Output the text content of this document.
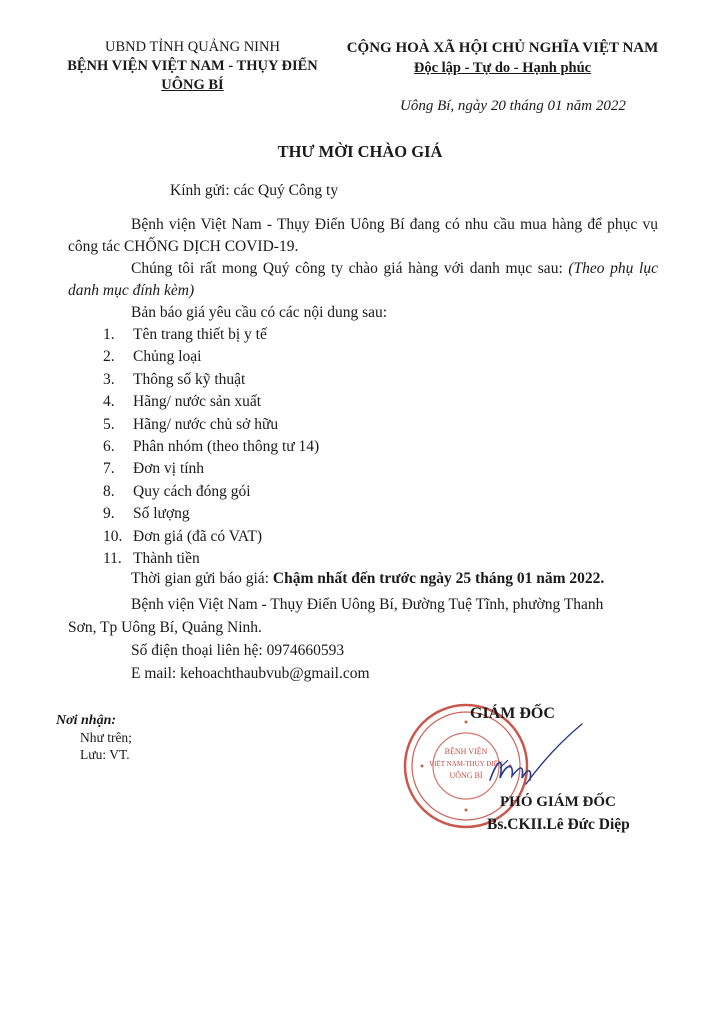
UBND TỈNH QUẢNG NINH
BỆNH VIỆN VIỆT NAM - THỤY ĐIỂN
UÔNG BÍ
CỘNG HOÀ XÃ HỘI CHỦ NGHĨA VIỆT NAM
Độc lập - Tự do - Hạnh phúc
Uông Bí, ngày 20 tháng 01 năm 2022
THƯ MỜI CHÀO GIÁ
Kính gửi: các Quý Công ty
Bệnh viện Việt Nam - Thụy Điển Uông Bí đang có nhu cầu mua hàng để phục vụ công tác CHỐNG DỊCH COVID-19.
Chúng tôi rất mong Quý công ty chào giá hàng với danh mục sau: (Theo phụ lục danh mục đính kèm)
Bản báo giá yêu cầu có các nội dung sau:
1. Tên trang thiết bị y tế
2. Chủng loại
3. Thông số kỹ thuật
4. Hãng/ nước sản xuất
5. Hãng/ nước chủ sở hữu
6. Phân nhóm (theo thông tư 14)
7. Đơn vị tính
8. Quy cách đóng gói
9. Số lượng
10. Đơn giá (đã có VAT)
11. Thành tiền
Thời gian gửi báo giá: Chậm nhất đến trước ngày 25 tháng 01 năm 2022.
Bệnh viện Việt Nam - Thụy Điển Uông Bí, Đường Tuệ Tĩnh, phường Thanh
Sơn, Tp Uông Bí, Quảng Ninh.
Số điện thoại liên hệ: 0974660593
E mail: kehoachthaubvub@gmail.com
Nơi nhận:
Như trên;
Lưu: VT.	BỆNH VIỆN
VIỆT NAM-THỤY ĐIỂN
UÔNG BÍ
GIÁM ĐỐC
PHÓ GIÁM ĐỐC
Bs.CKII.Lê Đức Diệp
